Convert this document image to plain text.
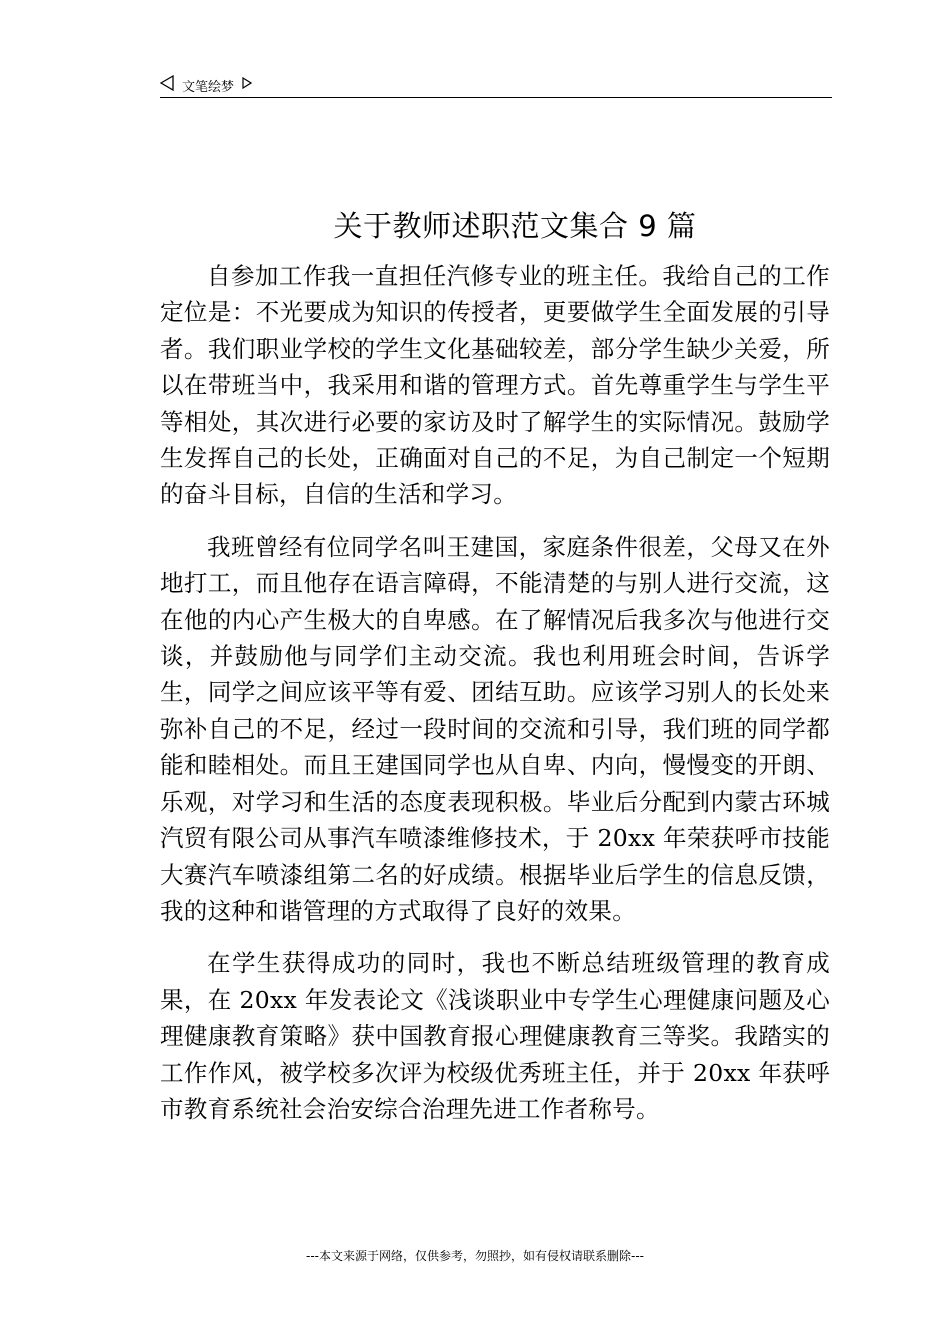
文笔绘梦
关于教师述职范文集合 9 篇

自参加工作我一直担任汽修专业的班主任。我给自己的工作定位是：不光要成为知识的传授者，更要做学生全面发展的引导者。我们职业学校的学生文化基础较差，部分学生缺少关爱，所以在带班当中，我采用和谐的管理方式。首先尊重学生与学生平等相处，其次进行必要的家访及时了解学生的实际情况。鼓励学生发挥自己的长处，正确面对自己的不足，为自己制定一个短期的奋斗目标，自信的生活和学习。

我班曾经有位同学名叫王建国，家庭条件很差，父母又在外地打工，而且他存在语言障碍，不能清楚的与别人进行交流，这在他的内心产生极大的自卑感。在了解情况后我多次与他进行交谈，并鼓励他与同学们主动交流。我也利用班会时间，告诉学生，同学之间应该平等有爱、团结互助。应该学习别人的长处来弥补自己的不足，经过一段时间的交流和引导，我们班的同学都能和睦相处。而且王建国同学也从自卑、内向，慢慢变的开朗、乐观，对学习和生活的态度表现积极。毕业后分配到内蒙古环城汽贸有限公司从事汽车喷漆维修技术，于 20xx 年荣获呼市技能大赛汽车喷漆组第二名的好成绩。根据毕业后学生的信息反馈，我的这种和谐管理的方式取得了良好的效果。

在学生获得成功的同时，我也不断总结班级管理的教育成果，在 20xx 年发表论文《浅谈职业中专学生心理健康问题及心理健康教育策略》获中国教育报心理健康教育三等奖。我踏实的工作作风，被学校多次评为校级优秀班主任，并于 20xx 年获呼市教育系统社会治安综合治理先进工作者称号。

---本文来源于网络，仅供参考，勿照抄，如有侵权请联系删除---
